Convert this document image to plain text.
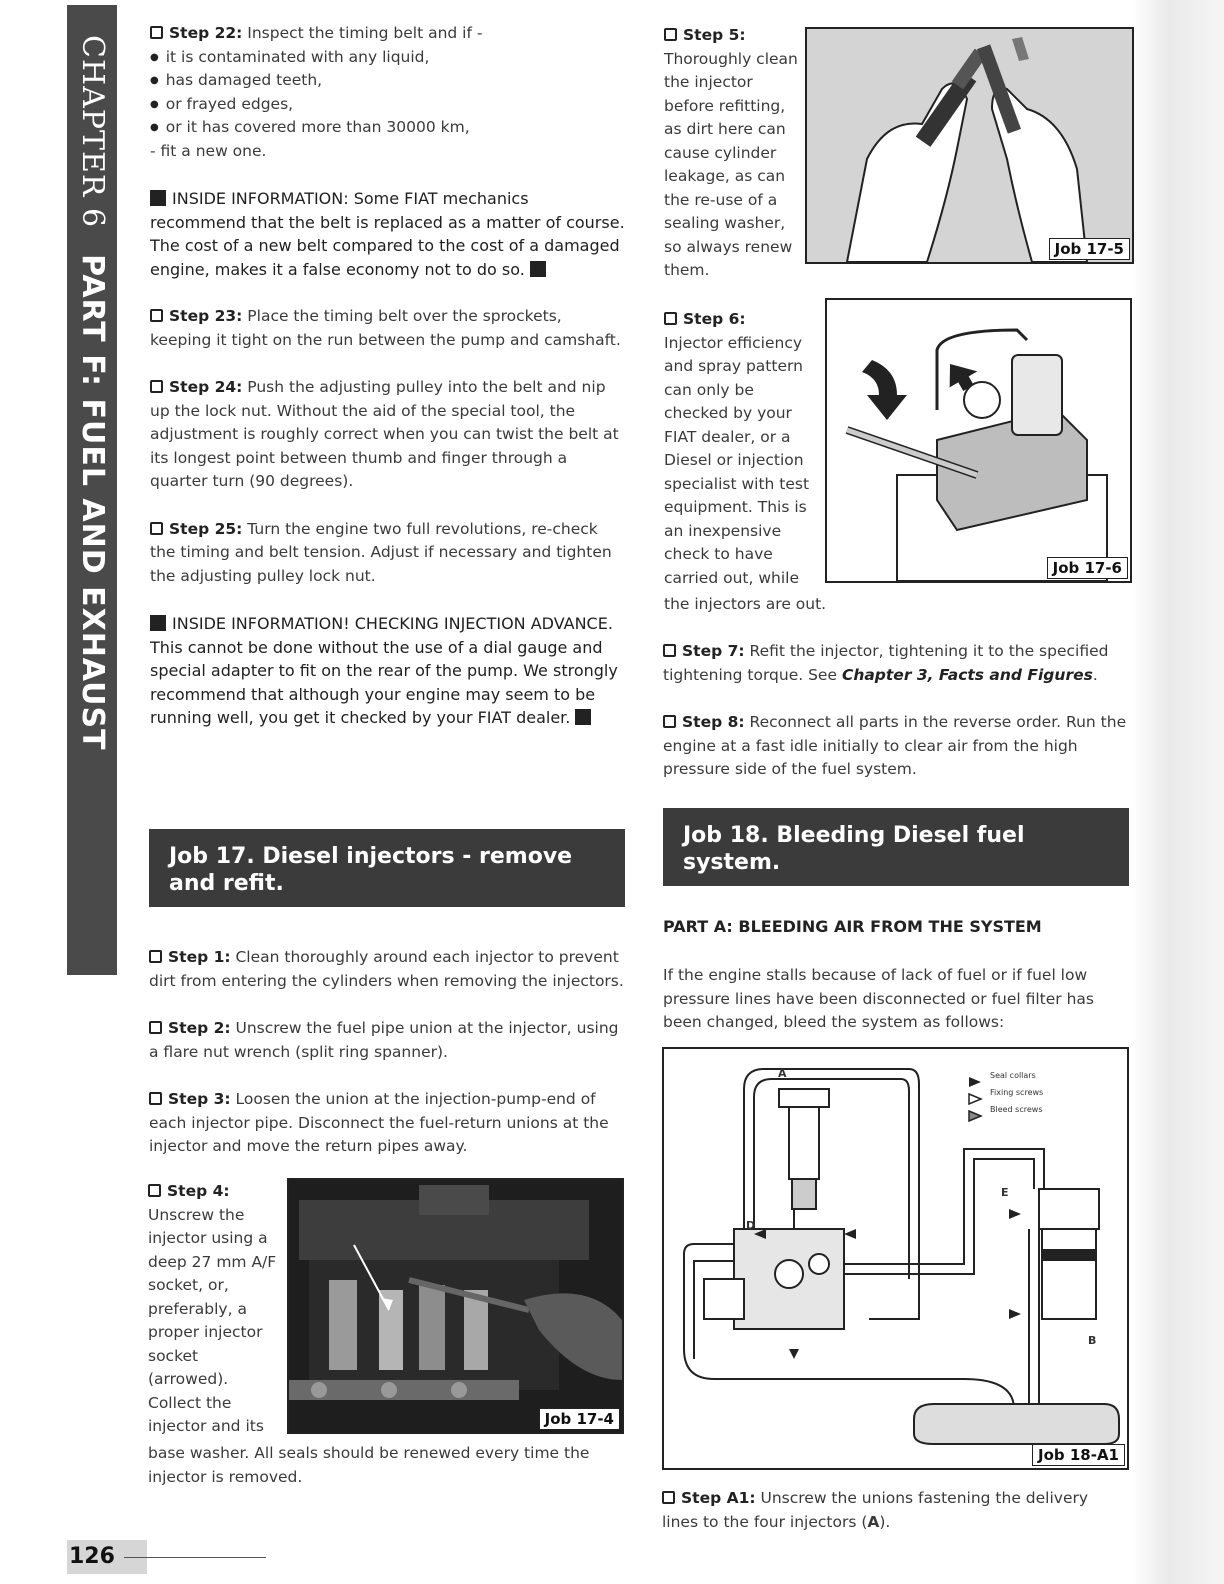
CHAPTER 6PART F: FUEL AND EXHAUST

Step 22: Inspect the timing belt and if -

● it is contaminated with any liquid,
● has damaged teeth,
● or frayed edges,
● or it has covered more than 30000 km,

- fit a new one.

INSIDE INFORMATION: Some FIAT mechanics recommend that the belt is replaced as a matter of course. The cost of a new belt compared to the cost of a damaged engine, makes it a false economy not to do so.

Step 23: Place the timing belt over the sprockets, keeping it tight on the run between the pump and camshaft.

Step 24: Push the adjusting pulley into the belt and nip up the lock nut. Without the aid of the special tool, the adjustment is roughly correct when you can twist the belt at its longest point between thumb and finger through a quarter turn (90 degrees).

Step 25: Turn the engine two full revolutions, re-check the timing and belt tension. Adjust if necessary and tighten the adjusting pulley lock nut.

INSIDE INFORMATION! CHECKING INJECTION ADVANCE. This cannot be done without the use of a dial gauge and special adapter to fit on the rear of the pump. We strongly recommend that although your engine may seem to be running well, you get it checked by your FIAT dealer.

Job 17. Diesel injectors - remove and refit.

Step 1: Clean thoroughly around each injector to prevent dirt from entering the cylinders when removing the injectors.

Step 2: Unscrew the fuel pipe union at the injector, using a flare nut wrench (split ring spanner).

Step 3: Loosen the union at the injection-pump-end of each injector pipe. Disconnect the fuel-return unions at the injector and move the return pipes away.

Step 4:

Unscrew the injector using a deep 27 mm A/F socket, or, preferably, a proper injector socket (arrowed). Collect the injector and its

base washer. All seals should be renewed every time the injector is removed.

Job 17-4

Step 5:

Thoroughly clean the injector before refitting, as dirt here can cause cylinder leakage, as can the re-use of a sealing washer, so always renew them.

Job 17-5

Step 6:

Injector efficiency and spray pattern can only be checked by your FIAT dealer, or a Diesel or injection specialist with test equipment. This is an inexpensive check to have carried out, while

the injectors are out.

Job 17-6

Step 7: Refit the injector, tightening it to the specified tightening torque. See Chapter 3, Facts and Figures.

Step 8: Reconnect all parts in the reverse order. Run the engine at a fast idle initially to clear air from the high pressure side of the fuel system.

Job 18. Bleeding Diesel fuel system.

PART A: BLEEDING AIR FROM THE SYSTEM

If the engine stalls because of lack of fuel or if fuel low pressure lines have been disconnected or fuel filter has been changed, bleed the system as follows:

Seal collars
Fixing screws
Bleed screws
A
D
E
B
Job 18-A1

Step A1: Unscrew the unions fastening the delivery lines to the four injectors (A).

126
